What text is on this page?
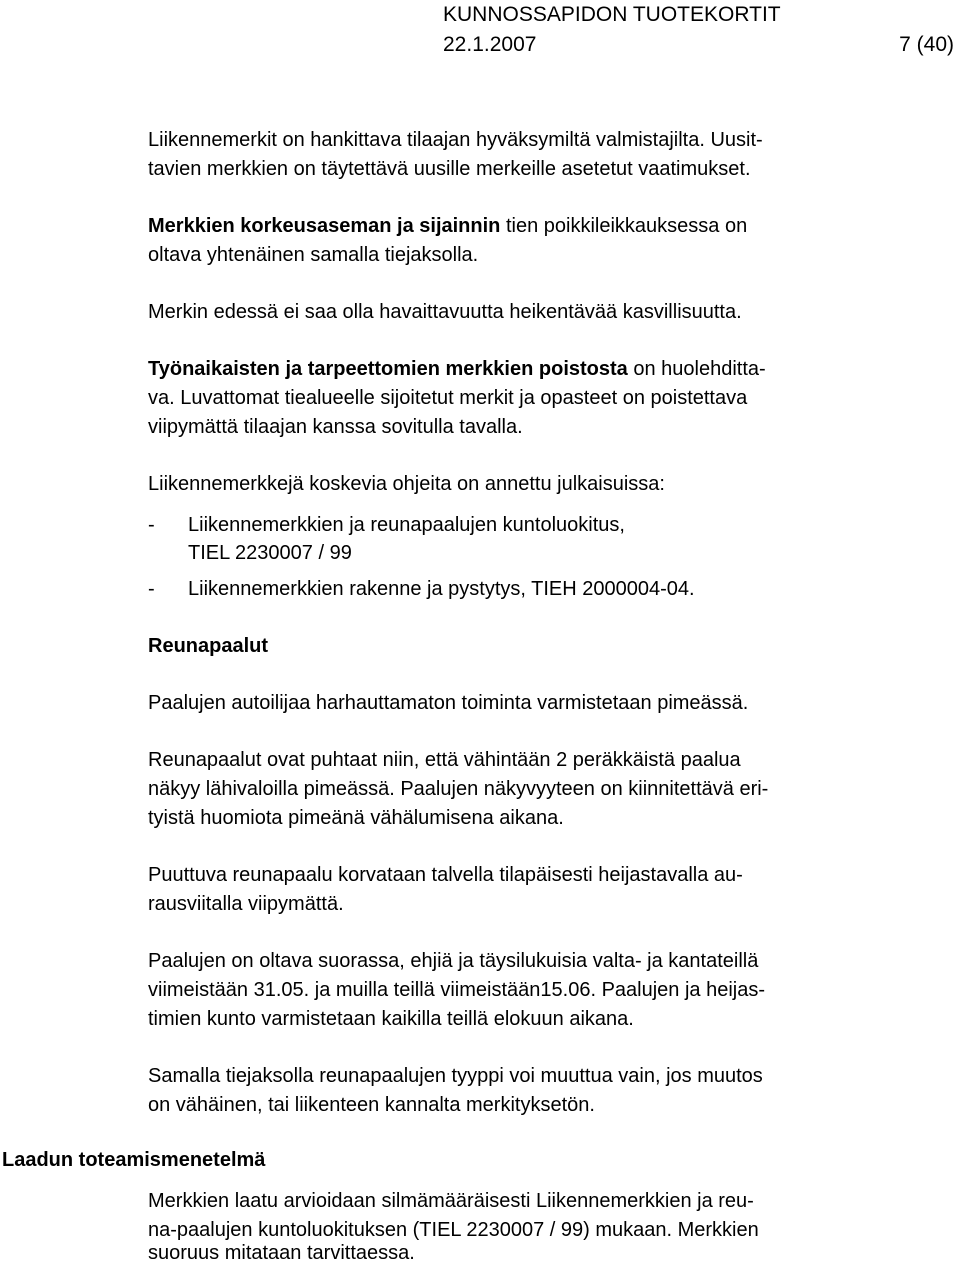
KUNNOSSAPIDON TUOTEKORTIT
22.1.2007	7 (40)
Liikennemerkit on hankittava tilaajan hyväksymiltä valmistajilta. Uusit-
tavien merkkien on täytettävä uusille merkeille asetetut vaatimukset.
Merkkien korkeusaseman ja sijainnin tien poikkileikkauksessa on
oltava yhtenäinen samalla tiejaksolla.
Merkin edessä ei saa olla havaittavuutta heikentävää kasvillisuutta.
Työnaikaisten ja tarpeettomien merkkien poistosta on huolehditta-
va. Luvattomat tiealueelle sijoitetut merkit ja opasteet on poistettava
viipymättä tilaajan kanssa sovitulla tavalla.
Liikennemerkkejä koskevia ohjeita on annettu julkaisuissa:
- Liikennemerkkien ja reunapaalujen kuntoluokitus,
TIEL 2230007 / 99
- Liikennemerkkien rakenne ja pystytys, TIEH 2000004-04.
Reunapaalut
Paalujen autoilijaa harhauttamaton toiminta varmistetaan pimeässä.
Reunapaalut ovat puhtaat niin, että vähintään 2 peräkkäistä paalua
näkyy lähivaloilla pimeässä. Paalujen näkyvyyteen on kiinnitettävä eri-
tyistä huomiota pimeänä vähälumisena aikana.
Puuttuva reunapaalu korvataan talvella tilapäisesti heijastavalla au-
rausviitalla viipymättä.
Paalujen on oltava suorassa, ehjiä ja täysilukuisia valta- ja kantateillä
viimeistään 31.05. ja muilla teillä viimeistään15.06. Paalujen ja heijas-
timien kunto varmistetaan kaikilla teillä elokuun aikana.
Samalla tiejaksolla reunapaalujen tyyppi voi muuttua vain, jos muutos
on vähäinen, tai liikenteen kannalta merkityksetön.
Laadun toteamismenetelmä
Merkkien laatu arvioidaan silmämääräisesti Liikennemerkkien ja reu-
na-paalujen kuntoluokituksen (TIEL 2230007 / 99) mukaan. Merkkien
suoruus mitataan tarvittaessa.
